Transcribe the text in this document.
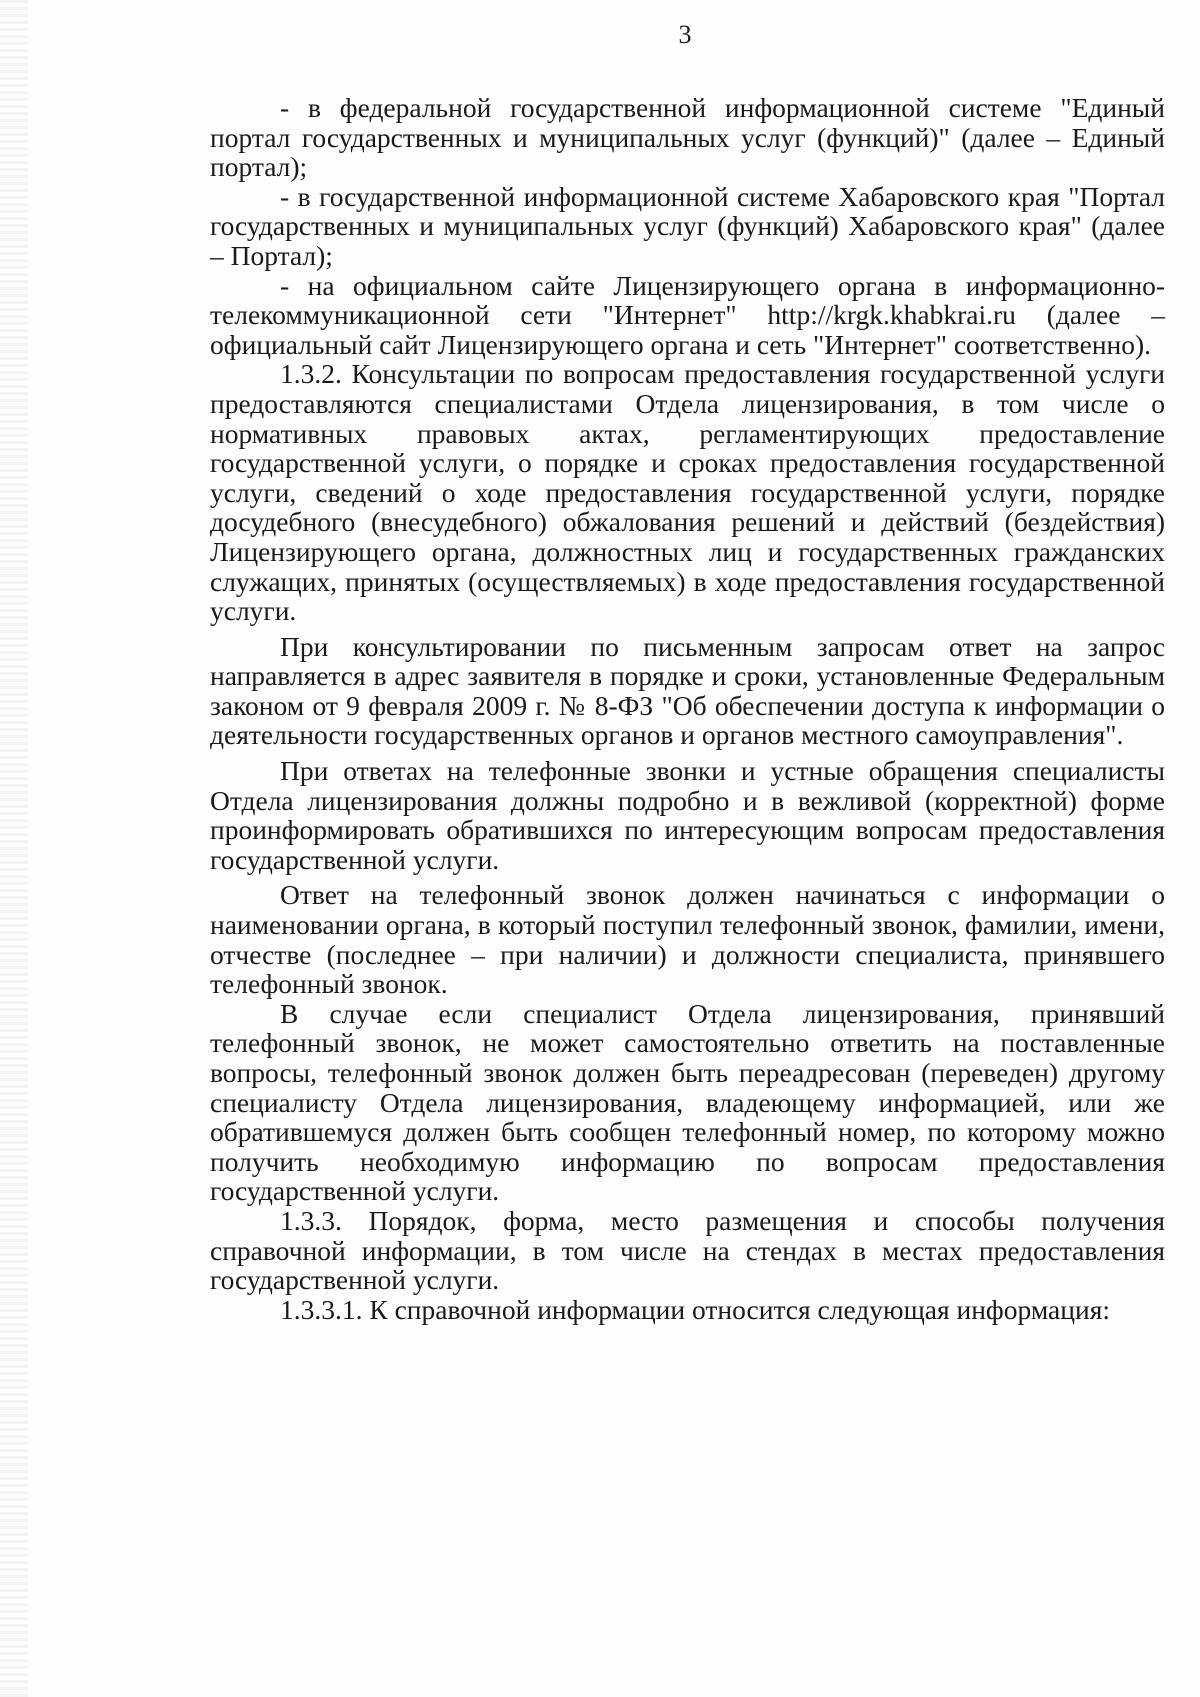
3

- в федеральной государственной информационной системе "Единый портал государственных и муниципальных услуг (функций)" (далее – Единый портал);

- в государственной информационной системе Хабаровского края "Портал государственных и муниципальных услуг (функций) Хабаровского края" (далее – Портал);

- на официальном сайте Лицензирующего органа в информационно-телекоммуникационной сети "Интернет" http://krgk.khabkrai.ru (далее – официальный сайт Лицензирующего органа и сеть "Интернет" соответственно).

1.3.2. Консультации по вопросам предоставления государственной услуги предоставляются специалистами Отдела лицензирования, в том числе о нормативных правовых актах, регламентирующих предоставление государственной услуги, о порядке и сроках предоставления государственной услуги, сведений о ходе предоставления государственной услуги, порядке досудебного (внесудебного) обжалования решений и действий (бездействия) Лицензирующего органа, должностных лиц и государственных гражданских служащих, принятых (осуществляемых) в ходе предоставления государственной услуги.

При консультировании по письменным запросам ответ на запрос направляется в адрес заявителя в порядке и сроки, установленные Федеральным законом от 9 февраля 2009 г. № 8-ФЗ "Об обеспечении доступа к информации о деятельности государственных органов и органов местного самоуправления".

При ответах на телефонные звонки и устные обращения специалисты Отдела лицензирования должны подробно и в вежливой (корректной) форме проинформировать обратившихся по интересующим вопросам предоставления государственной услуги.

Ответ на телефонный звонок должен начинаться с информации о наименовании органа, в который поступил телефонный звонок, фамилии, имени, отчестве (последнее – при наличии) и должности специалиста, принявшего телефонный звонок.

В случае если специалист Отдела лицензирования, принявший телефонный звонок, не может самостоятельно ответить на поставленные вопросы, телефонный звонок должен быть переадресован (переведен) другому специалисту Отдела лицензирования, владеющему информацией, или же обратившемуся должен быть сообщен телефонный номер, по которому можно получить необходимую информацию по вопросам предоставления государственной услуги.

1.3.3. Порядок, форма, место размещения и способы получения справочной информации, в том числе на стендах в местах предоставления государственной услуги.

1.3.3.1. К справочной информации относится следующая информация:
